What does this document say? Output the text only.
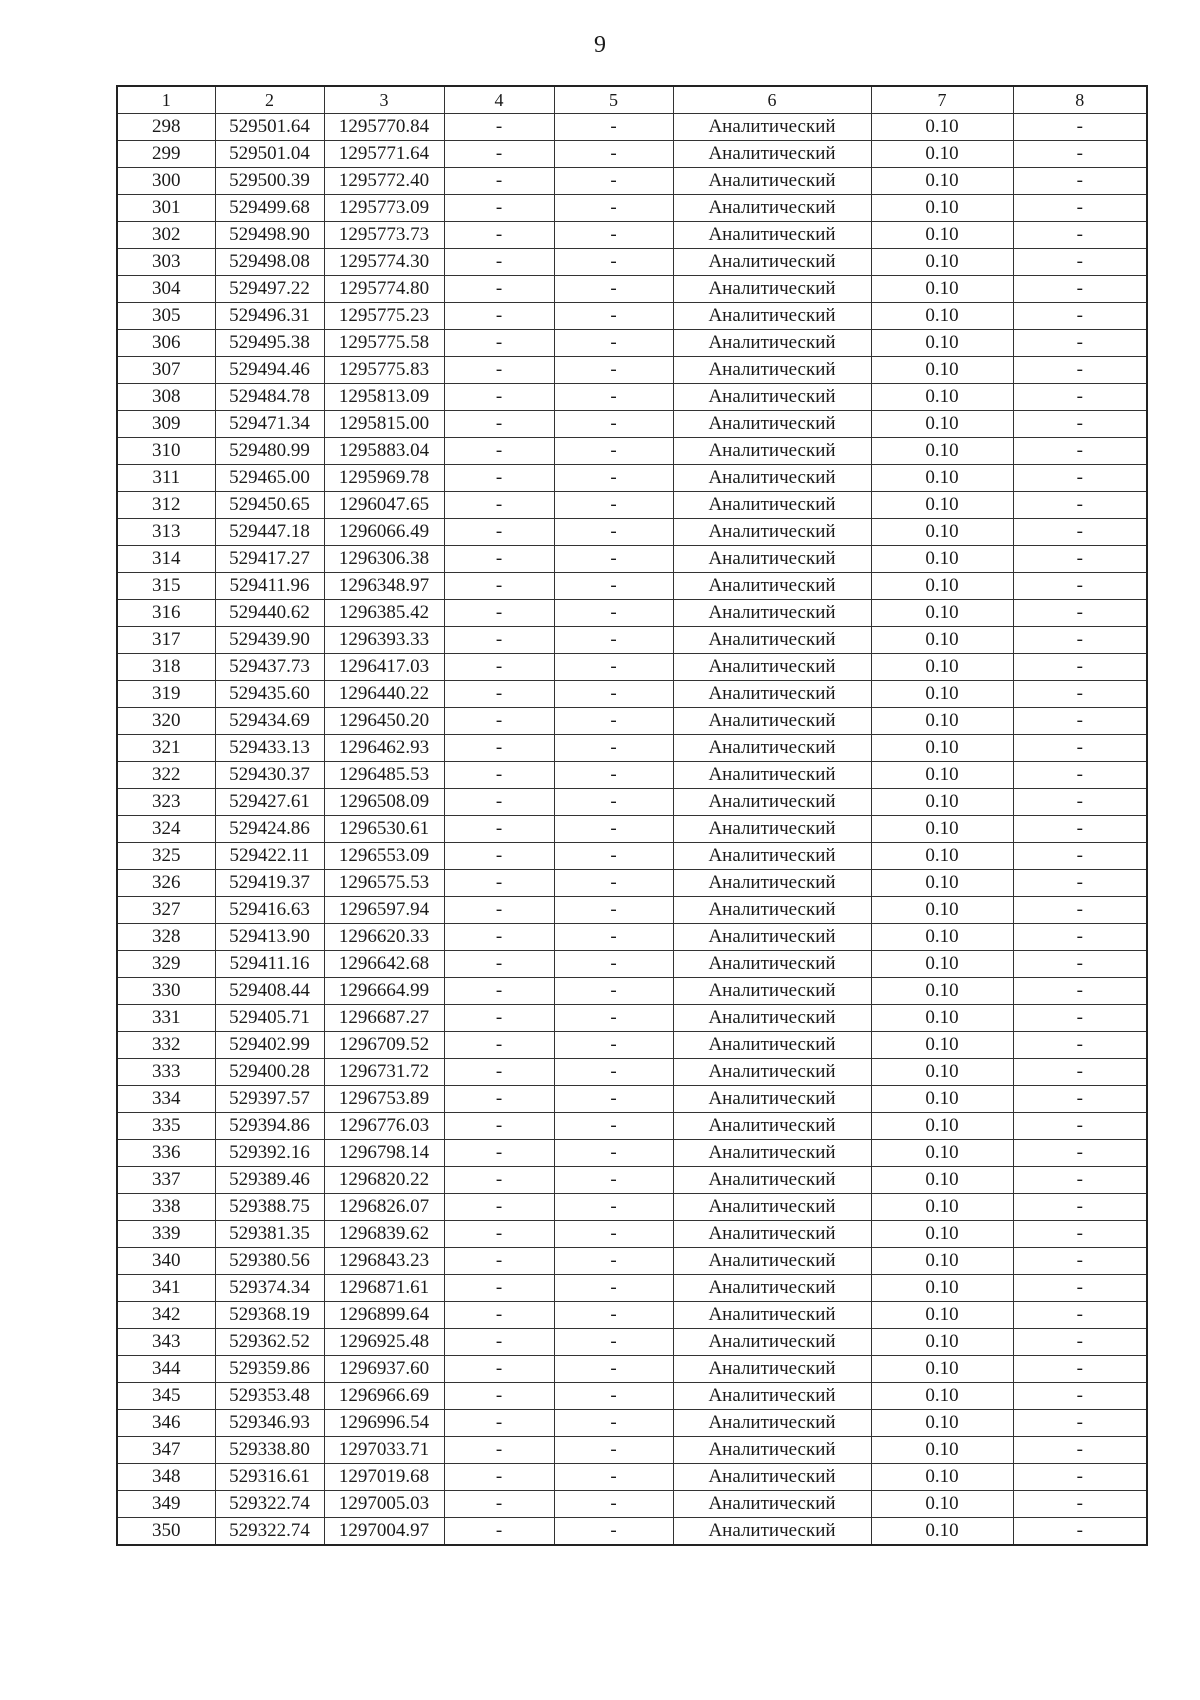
9
1	2	3	4	5	6	7	8
298	529501.64	1295770.84	-	-	Аналитический	0.10	-
299	529501.04	1295771.64	-	-	Аналитический	0.10	-
300	529500.39	1295772.40	-	-	Аналитический	0.10	-
301	529499.68	1295773.09	-	-	Аналитический	0.10	-
302	529498.90	1295773.73	-	-	Аналитический	0.10	-
303	529498.08	1295774.30	-	-	Аналитический	0.10	-
304	529497.22	1295774.80	-	-	Аналитический	0.10	-
305	529496.31	1295775.23	-	-	Аналитический	0.10	-
306	529495.38	1295775.58	-	-	Аналитический	0.10	-
307	529494.46	1295775.83	-	-	Аналитический	0.10	-
308	529484.78	1295813.09	-	-	Аналитический	0.10	-
309	529471.34	1295815.00	-	-	Аналитический	0.10	-
310	529480.99	1295883.04	-	-	Аналитический	0.10	-
311	529465.00	1295969.78	-	-	Аналитический	0.10	-
312	529450.65	1296047.65	-	-	Аналитический	0.10	-
313	529447.18	1296066.49	-	-	Аналитический	0.10	-
314	529417.27	1296306.38	-	-	Аналитический	0.10	-
315	529411.96	1296348.97	-	-	Аналитический	0.10	-
316	529440.62	1296385.42	-	-	Аналитический	0.10	-
317	529439.90	1296393.33	-	-	Аналитический	0.10	-
318	529437.73	1296417.03	-	-	Аналитический	0.10	-
319	529435.60	1296440.22	-	-	Аналитический	0.10	-
320	529434.69	1296450.20	-	-	Аналитический	0.10	-
321	529433.13	1296462.93	-	-	Аналитический	0.10	-
322	529430.37	1296485.53	-	-	Аналитический	0.10	-
323	529427.61	1296508.09	-	-	Аналитический	0.10	-
324	529424.86	1296530.61	-	-	Аналитический	0.10	-
325	529422.11	1296553.09	-	-	Аналитический	0.10	-
326	529419.37	1296575.53	-	-	Аналитический	0.10	-
327	529416.63	1296597.94	-	-	Аналитический	0.10	-
328	529413.90	1296620.33	-	-	Аналитический	0.10	-
329	529411.16	1296642.68	-	-	Аналитический	0.10	-
330	529408.44	1296664.99	-	-	Аналитический	0.10	-
331	529405.71	1296687.27	-	-	Аналитический	0.10	-
332	529402.99	1296709.52	-	-	Аналитический	0.10	-
333	529400.28	1296731.72	-	-	Аналитический	0.10	-
334	529397.57	1296753.89	-	-	Аналитический	0.10	-
335	529394.86	1296776.03	-	-	Аналитический	0.10	-
336	529392.16	1296798.14	-	-	Аналитический	0.10	-
337	529389.46	1296820.22	-	-	Аналитический	0.10	-
338	529388.75	1296826.07	-	-	Аналитический	0.10	-
339	529381.35	1296839.62	-	-	Аналитический	0.10	-
340	529380.56	1296843.23	-	-	Аналитический	0.10	-
341	529374.34	1296871.61	-	-	Аналитический	0.10	-
342	529368.19	1296899.64	-	-	Аналитический	0.10	-
343	529362.52	1296925.48	-	-	Аналитический	0.10	-
344	529359.86	1296937.60	-	-	Аналитический	0.10	-
345	529353.48	1296966.69	-	-	Аналитический	0.10	-
346	529346.93	1296996.54	-	-	Аналитический	0.10	-
347	529338.80	1297033.71	-	-	Аналитический	0.10	-
348	529316.61	1297019.68	-	-	Аналитический	0.10	-
349	529322.74	1297005.03	-	-	Аналитический	0.10	-
350	529322.74	1297004.97	-	-	Аналитический	0.10	-
